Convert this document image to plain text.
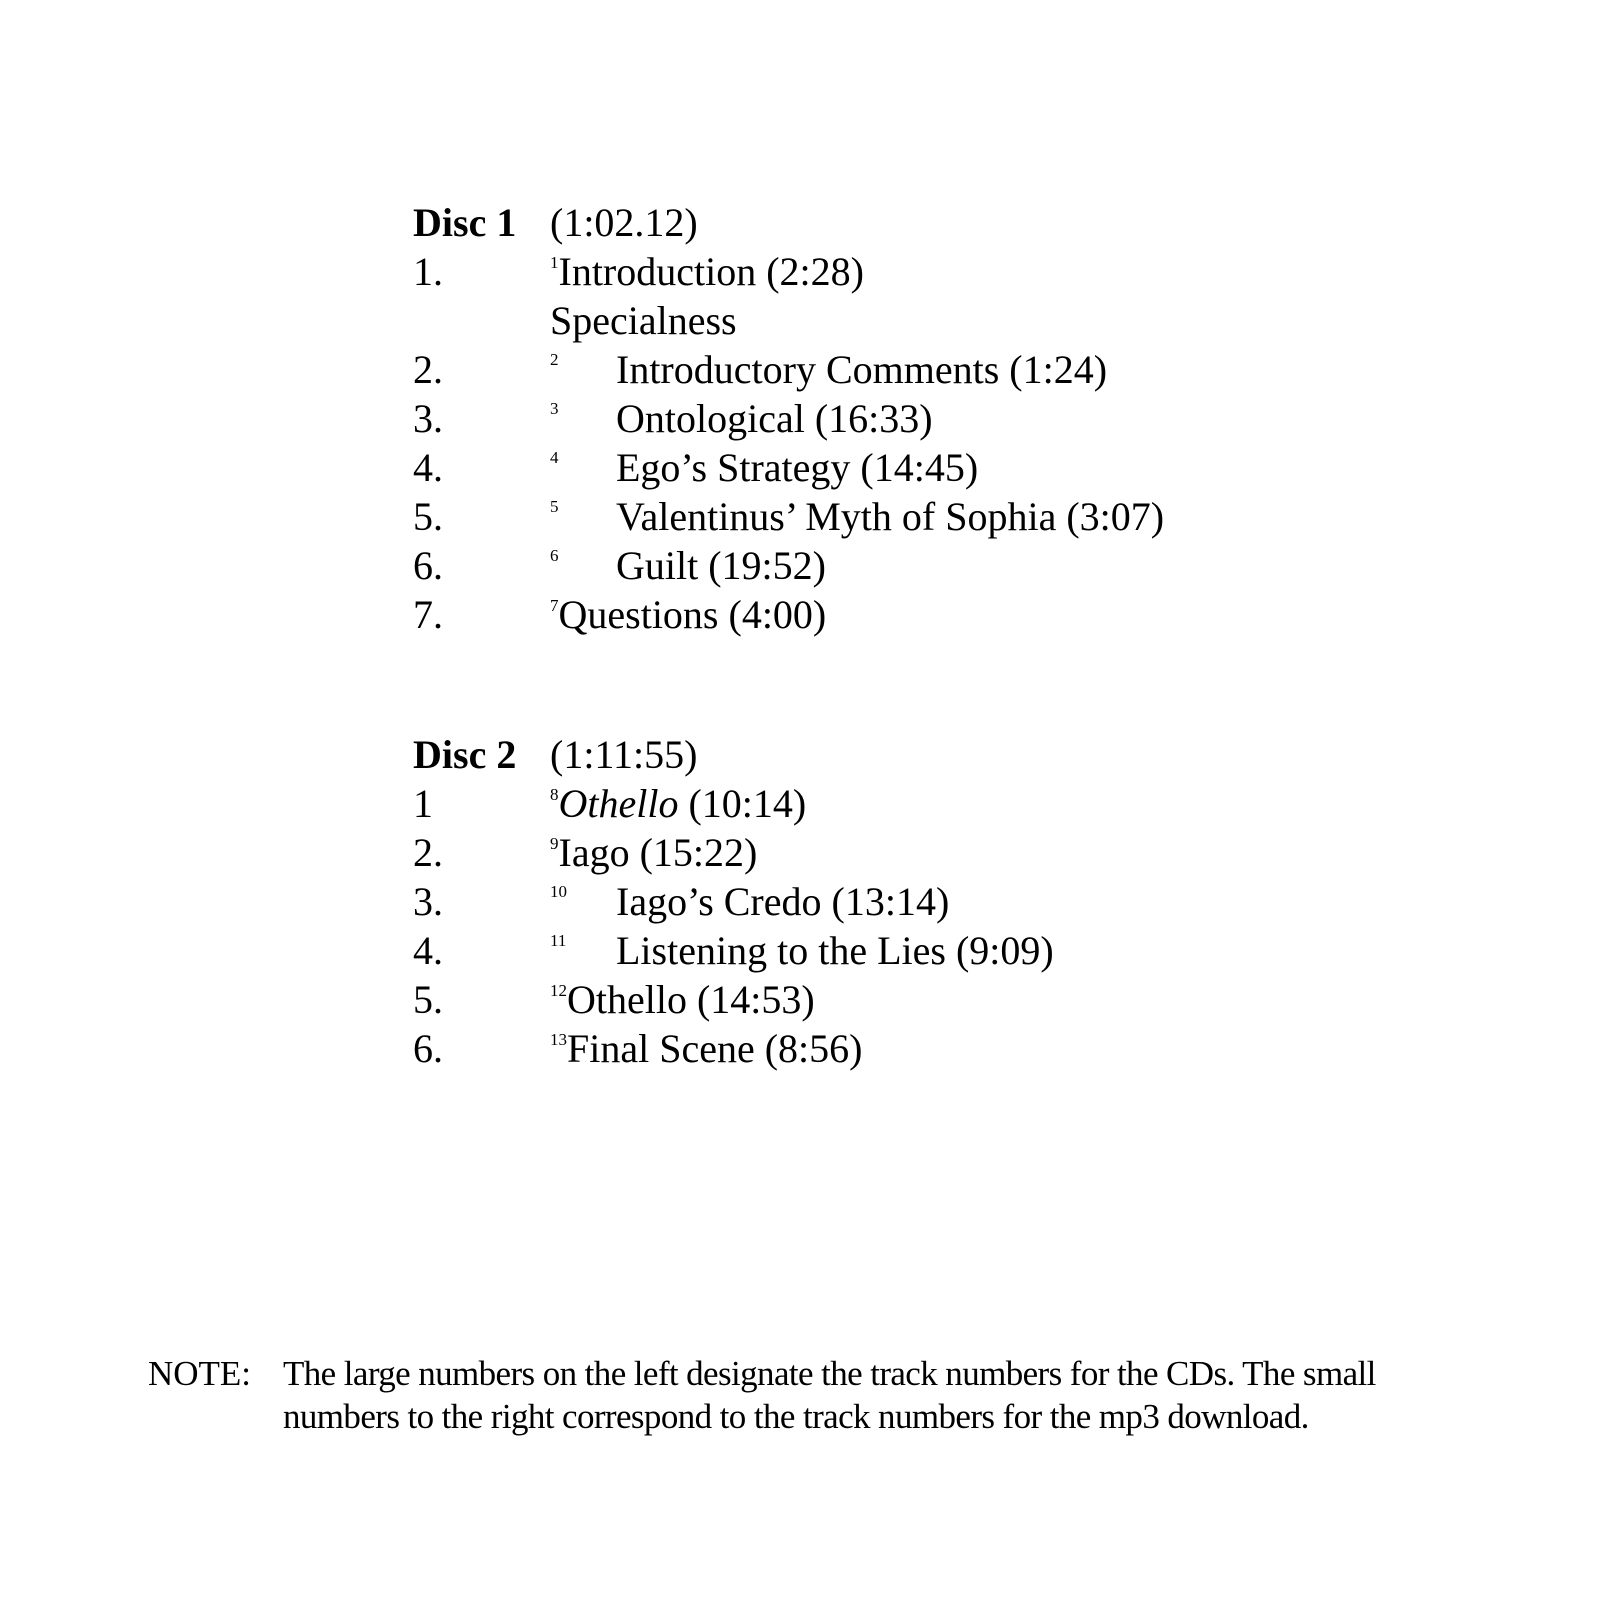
Disc 1 (1:02.12)
1.	$^1$Introduction (2:28)
Specialness
2.	2 Introductory Comments (1:24)
3.	3 Ontological (16:33)
4.	4 Ego’s Strategy (14:45)
5.	5 Valentinus’ Myth of Sophia (3:07)
6.	6 Guilt (19:52)
7.	$^7$Questions (4:00)
Disc 2 (1:11:55)
1	$^8$Othello (10:14)
2.	$^9$Iago (15:22)
3.	10 Iago’s Credo (13:14)
4.	11 Listening to the Lies (9:09)
5.	$^{12}$Othello (14:53)
6.	$^{13}$Final Scene (8:56)
NOTE: The large numbers on the left designate the track numbers for the CDs. The small numbers to the right correspond to the track numbers for the mp3 download.
